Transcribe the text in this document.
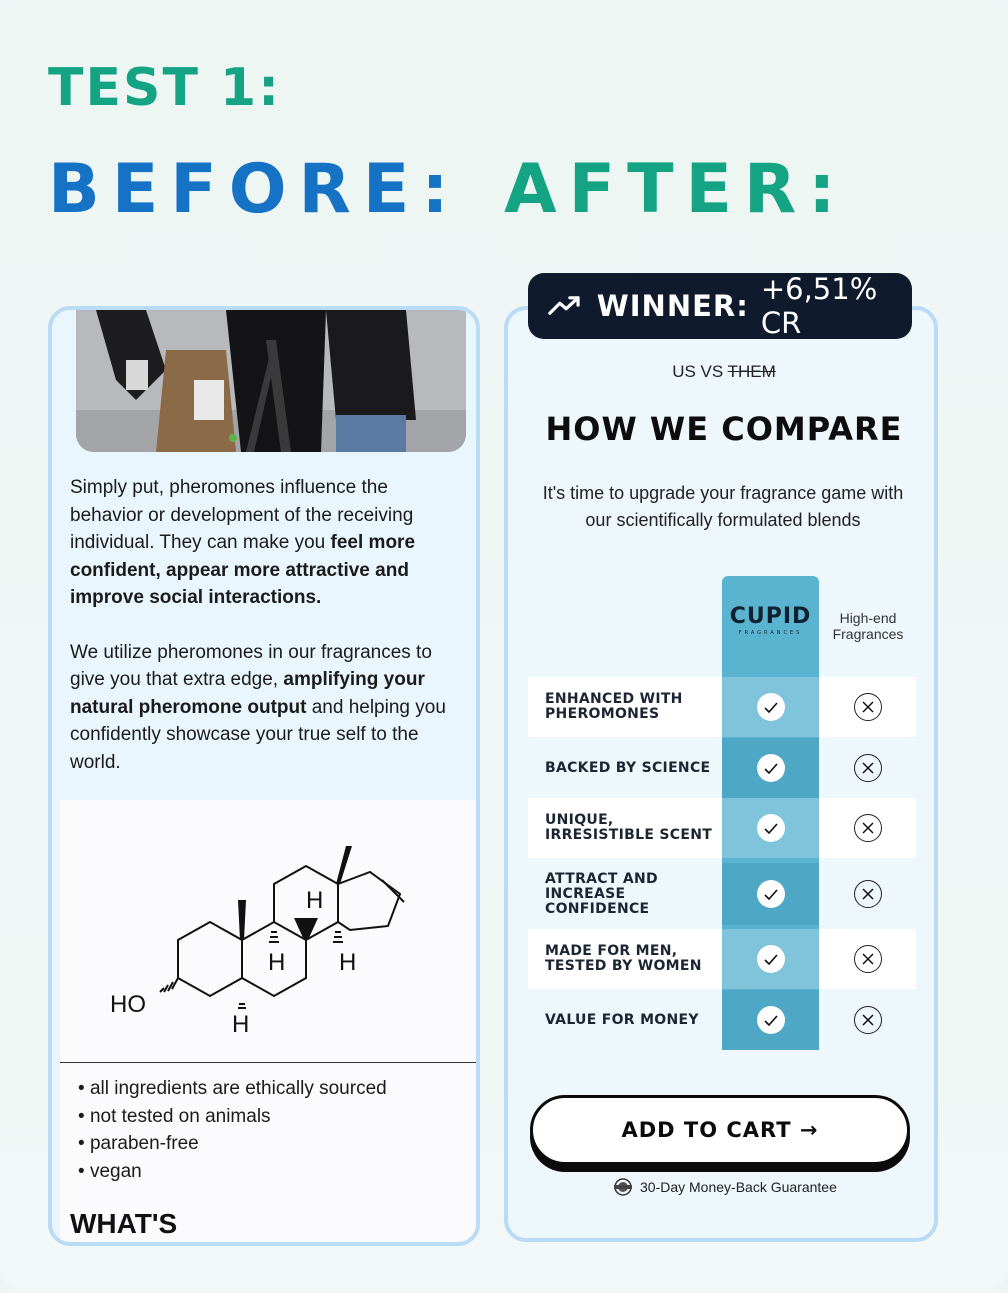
TEST 1:
BEFORE: AFTER:

Simply put, pheromones influence the behavior or development of the receiving individual. They can make you feel more confident, appear more attractive and improve social interactions.

We utilize pheromones in our fragrances to give you that extra edge, amplifying your natural pheromone output and helping you confidently showcase your true self to the world.

HO
H
H H
H
• all ingredients are ethically sourced
• not tested on animals
• paraben-free
• vegan
WHAT'S
WINNER: +6,51% CR
US VS THEM
HOW WE COMPARE
It's time to upgrade your fragrance game with our scientifically formulated blends
CUPID
FRAGRANCES
High-end Fragrances
ENHANCED WITH PHEROMONES
BACKED BY SCIENCE
UNIQUE, IRRESISTIBLE SCENT
ATTRACT AND INCREASE CONFIDENCE
MADE FOR MEN, TESTED BY WOMEN
VALUE FOR MONEY
ADD TO CART →
30-Day Money-Back Guarantee
